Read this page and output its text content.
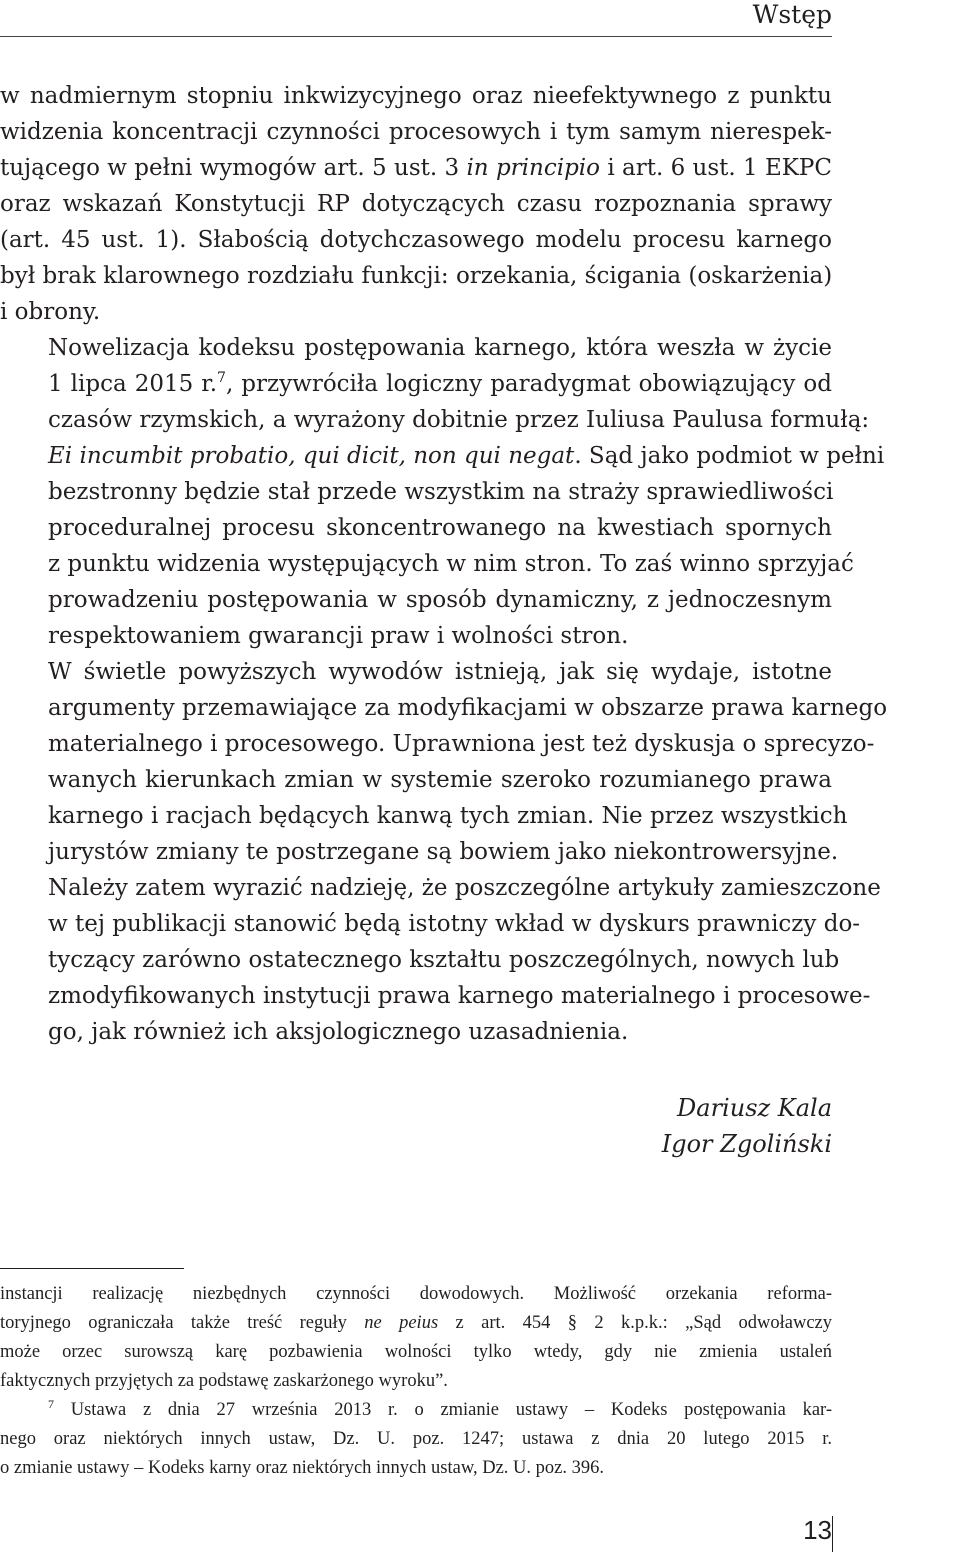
Wstęp

w nadmiernym stopniu inkwizycyjnego oraz nieefektywnego z punktu
widzenia koncentracji czynności procesowych i tym samym nierespek-
tującego w pełni wymogów art. 5 ust. 3 in principio i art. 6 ust. 1 EKPC
oraz wskazań Konstytucji RP dotyczących czasu rozpoznania sprawy
(art. 45 ust. 1). Słabością dotychczasowego modelu procesu karnego
był brak klarownego rozdziału funkcji: orzekania, ścigania (oskarżenia)
i obrony.

Nowelizacja kodeksu postępowania karnego, która weszła w życie
1 lipca 2015 r.$^7$, przywróciła logiczny paradygmat obowiązujący od
czasów rzymskich, a wyrażony dobitnie przez Iuliusa Paulusa formułą:
Ei incumbit probatio, qui dicit, non qui negat. Sąd jako podmiot w pełni
bezstronny będzie stał przede wszystkim na straży sprawiedliwości
proceduralnej procesu skoncentrowanego na kwestiach spornych
z punktu widzenia występujących w nim stron. To zaś winno sprzyjać
prowadzeniu postępowania w sposób dynamiczny, z jednoczesnym
respektowaniem gwarancji praw i wolności stron.

W świetle powyższych wywodów istnieją, jak się wydaje, istotne
argumenty przemawiające za modyfikacjami w obszarze prawa karnego
materialnego i procesowego. Uprawniona jest też dyskusja o sprecyzo-
wanych kierunkach zmian w systemie szeroko rozumianego prawa
karnego i racjach będących kanwą tych zmian. Nie przez wszystkich
jurystów zmiany te postrzegane są bowiem jako niekontrowersyjne.
Należy zatem wyrazić nadzieję, że poszczególne artykuły zamieszczone
w tej publikacji stanowić będą istotny wkład w dyskurs prawniczy do-
tyczący zarówno ostatecznego kształtu poszczególnych, nowych lub
zmodyfikowanych instytucji prawa karnego materialnego i procesowe-
go, jak również ich aksjologicznego uzasadnienia.

Dariusz Kala
Igor Zgoliński
instancji realizację niezbędnych czynności dowodowych. Możliwość orzekania reforma-
toryjnego ograniczała także treść reguły ne peius z art. 454 § 2 k.p.k.: „Sąd odwoławczy
może orzec surowszą karę pozbawienia wolności tylko wtedy, gdy nie zmienia ustaleń
faktycznych przyjętych za podstawę zaskarżonego wyroku”.
$^7$ Ustawa z dnia 27 września 2013 r. o zmianie ustawy – Kodeks postępowania kar-
nego oraz niektórych innych ustaw, Dz. U. poz. 1247; ustawa z dnia 20 lutego 2015 r.
o zmianie ustawy – Kodeks karny oraz niektórych innych ustaw, Dz. U. poz. 396.
13
